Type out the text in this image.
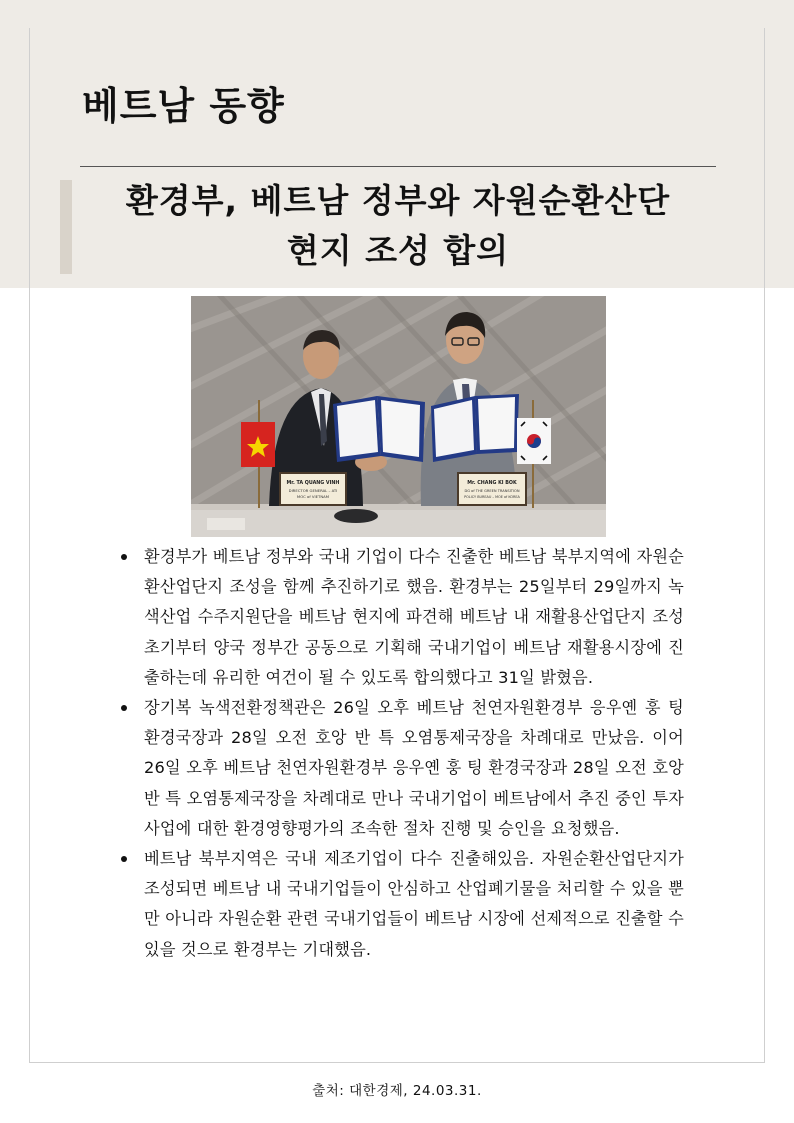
베트남 동향
환경부, 베트남 정부와 자원순환산단
현지 조성 합의
Mr. TA QUANG VINH
DIRECTOR GENERAL – ATI
MOC of VIETNAM
Mr. CHANG KI BOK
DG of THE GREEN TRANSITION
POLICY BUREAU – MOE of KOREA
환경부가 베트남 정부와 국내 기업이 다수 진출한 베트남 북부지역에 자원순환산업단지 조성을 함께 추진하기로 했음. 환경부는 25일부터 29일까지 녹색산업 수주지원단을 베트남 현지에 파견해 베트남 내 재활용산업단지 조성 초기부터 양국 정부간 공동으로 기획해 국내기업이 베트남 재활용시장에 진출하는데 유리한 여건이 될 수 있도록 합의했다고 31일 밝혔음.
장기복 녹색전환정책관은 26일 오후 베트남 천연자원환경부 응우옌 훙 팅 환경국장과 28일 오전 호앙 반 특 오염통제국장을 차례대로 만났음. 이어 26일 오후 베트남 천연자원환경부 응우옌 훙 팅 환경국장과 28일 오전 호앙 반 특 오염통제국장을 차례대로 만나 국내기업이 베트남에서 추진 중인 투자 사업에 대한 환경영향평가의 조속한 절차 진행 및 승인을 요청했음.
베트남 북부지역은 국내 제조기업이 다수 진출해있음. 자원순환산업단지가 조성되면 베트남 내 국내기업들이 안심하고 산업폐기물을 처리할 수 있을 뿐만 아니라 자원순환 관련 국내기업들이 베트남 시장에 선제적으로 진출할 수 있을 것으로 환경부는 기대했음.
출처: 대한경제, 24.03.31.
